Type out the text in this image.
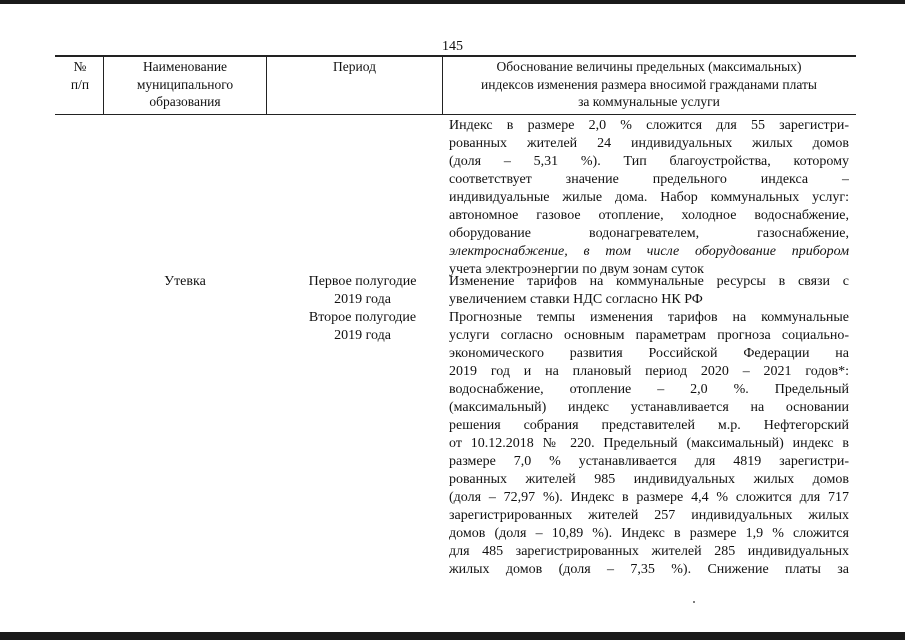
145
№
п/п
Наименование
муниципального
образования
Период	Обоснование величины предельных (максимальных)
индексов изменения размера вносимой гражданами платы
за коммунальные услуги
Утевка	Первое полугодие
2019 года
Второе полугодие
2019 года
Индекс в размере 2,0 % сложится для 55 зарегистри-
рованных жителей 24 индивидуальных жилых домов
(доля – 5,31 %). Тип благоустройства, которому
соответствует значение предельного индекса –
индивидуальные жилые дома. Набор коммунальных услуг:
автономное газовое отопление, холодное водоснабжение,
оборудование водонагревателем, газоснабжение,
электроснабжение, в том числе оборудование прибором
учета электроэнергии по двум зонам суток
Изменение тарифов на коммунальные ресурсы в связи с
увеличением ставки НДС согласно НК РФ
Прогнозные темпы изменения тарифов на коммунальные
услуги согласно основным параметрам прогноза социально-
экономического развития Российской Федерации на
2019 год и на плановый период 2020 – 2021 годов*:
водоснабжение, отопление – 2,0 %. Предельный
(максимальный) индекс устанавливается на основании
решения собрания представителей м.р. Нефтегорский
от 10.12.2018 № 220. Предельный (максимальный) индекс в
размере 7,0 % устанавливается для 4819 зарегистри-
рованных жителей 985 индивидуальных жилых домов
(доля – 72,97 %). Индекс в размере 4,4 % сложится для 717
зарегистрированных жителей 257 индивидуальных жилых
домов (доля – 10,89 %). Индекс в размере 1,9 % сложится
для 485 зарегистрированных жителей 285 индивидуальных
жилых домов (доля – 7,35 %). Снижение платы за
